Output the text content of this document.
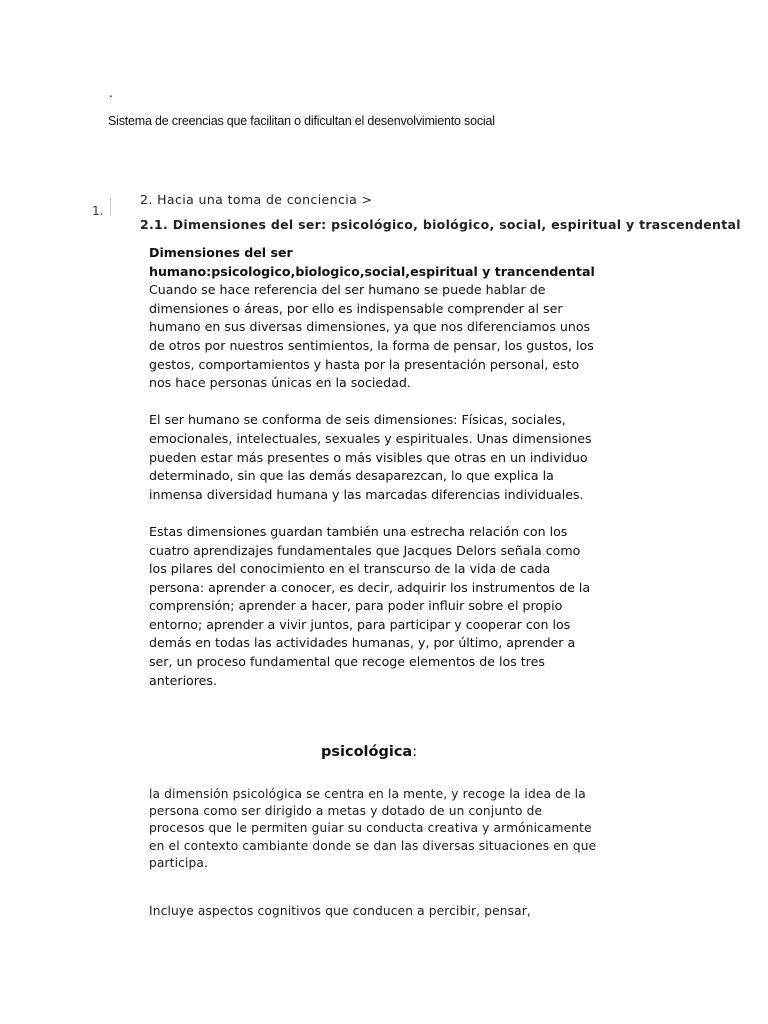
.
Sistema de creencias que facilitan o dificultan el desenvolvimiento social
1.
2. Hacia una toma de conciencia >
2.1. Dimensiones del ser: psicológico, biológico, social, espiritual y trascendental
Dimensiones del ser humano:psicologico,biologico,social,espiritual y trancendental

Cuando se hace referencia del ser humano se puede hablar de dimensiones o áreas, por ello es indispensable comprender al ser humano en sus diversas dimensiones, ya que nos diferenciamos unos de otros por nuestros sentimientos, la forma de pensar, los gustos, los gestos, comportamientos y hasta por la presentación personal, esto nos hace personas únicas en la sociedad.

El ser humano se conforma de seis dimensiones: Físicas, sociales, emocionales, intelectuales, sexuales y espirituales. Unas dimensiones pueden estar más presentes o más visibles que otras en un individuo determinado, sin que las demás desaparezcan, lo que explica la inmensa diversidad humana y las marcadas diferencias individuales.

Estas dimensiones guardan también una estrecha relación con los cuatro aprendizajes fundamentales que Jacques Delors señala como los pilares del conocimiento en el transcurso de la vida de cada persona: aprender a conocer, es decir, adquirir los instrumentos de la comprensión; aprender a hacer, para poder influir sobre el propio entorno; aprender a vivir juntos, para participar y cooperar con los demás en todas las actividades humanas, y, por último, aprender a ser, un proceso fundamental que recoge elementos de los tres anteriores.

psicológica:
la dimensión psicológica se centra en la mente, y recoge la idea de la persona como ser dirigido a metas y dotado de un conjunto de procesos que le permiten guiar su conducta creativa y armónicamente en el contexto cambiante donde se dan las diversas situaciones en que participa.
Incluye aspectos cognitivos que conducen a percibir, pensar,
